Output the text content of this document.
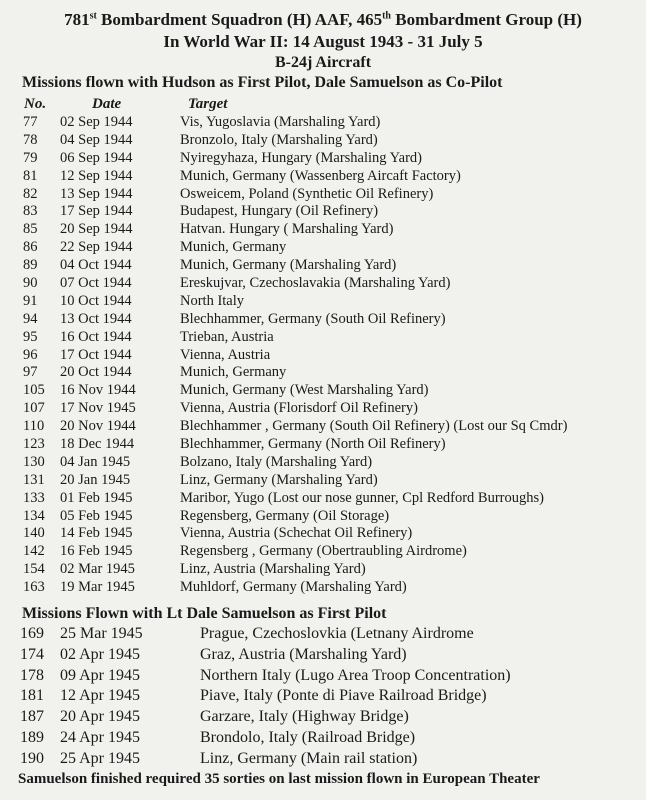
781st Bombardment Squadron (H) AAF, 465th Bombardment Group (H)
In World War II: 14 August 1943 - 31 July 5
B-24j Aircraft
Missions flown with Hudson as First Pilot, Dale Samuelson as Co-Pilot
No.	Date	Target
77 02 Sep 1944	Vis, Yugoslavia (Marshaling Yard)
78 04 Sep 1944	Bronzolo, Italy (Marshaling Yard)
79 06 Sep 1944	Nyiregyhaza, Hungary (Marshaling Yard)
81 12 Sep 1944	Munich, Germany (Wassenberg Aircaft Factory)
82 13 Sep 1944	Osweicem, Poland (Synthetic Oil Refinery)
83 17 Sep 1944	Budapest, Hungary (Oil Refinery)
85 20 Sep 1944	Hatvan. Hungary ( Marshaling Yard)
86 22 Sep 1944	Munich, Germany
89 04 Oct 1944	Munich, Germany (Marshaling Yard)
90 07 Oct 1944	Ereskujvar, Czechoslavakia (Marshaling Yard)
91 10 Oct 1944	North Italy
94 13 Oct 1944	Blechhammer, Germany (South Oil Refinery)
95 16 Oct 1944	Trieban, Austria
96 17 Oct 1944	Vienna, Austria
97 20 Oct 1944	Munich, Germany
105 16 Nov 1944	Munich, Germany (West Marshaling Yard)
107 17 Nov 1945	Vienna, Austria (Florisdorf Oil Refinery)
110 20 Nov 1944	Blechhammer , Germany (South Oil Refinery) (Lost our Sq Cmdr)
123 18 Dec 1944	Blechhammer, Germany (North Oil Refinery)
130 04 Jan 1945	Bolzano, Italy (Marshaling Yard)
131 20 Jan 1945	Linz, Germany (Marshaling Yard)
133 01 Feb 1945	Maribor, Yugo (Lost our nose gunner, Cpl Redford Burroughs)
134 05 Feb 1945	Regensberg, Germany (Oil Storage)
140 14 Feb 1945	Vienna, Austria (Schechat Oil Refinery)
142 16 Feb 1945	Regensberg , Germany (Obertraubling Airdrome)
154 02 Mar 1945	Linz, Austria (Marshaling Yard)
163 19 Mar 1945	Muhldorf, Germany (Marshaling Yard)
Missions Flown with Lt Dale Samuelson as First Pilot
169 25 Mar 1945	Prague, Czechoslovkia (Letnany Airdrome
174 02 Apr 1945	Graz, Austria (Marshaling Yard)
178 09 Apr 1945	Northern Italy (Lugo Area Troop Concentration)
181 12 Apr 1945	Piave, Italy (Ponte di Piave Railroad Bridge)
187 20 Apr 1945	Garzare, Italy (Highway Bridge)
189 24 Apr 1945	Brondolo, Italy (Railroad Bridge)
190 25 Apr 1945	Linz, Germany (Main rail station)
Samuelson finished required 35 sorties on last mission flown in European Theater
